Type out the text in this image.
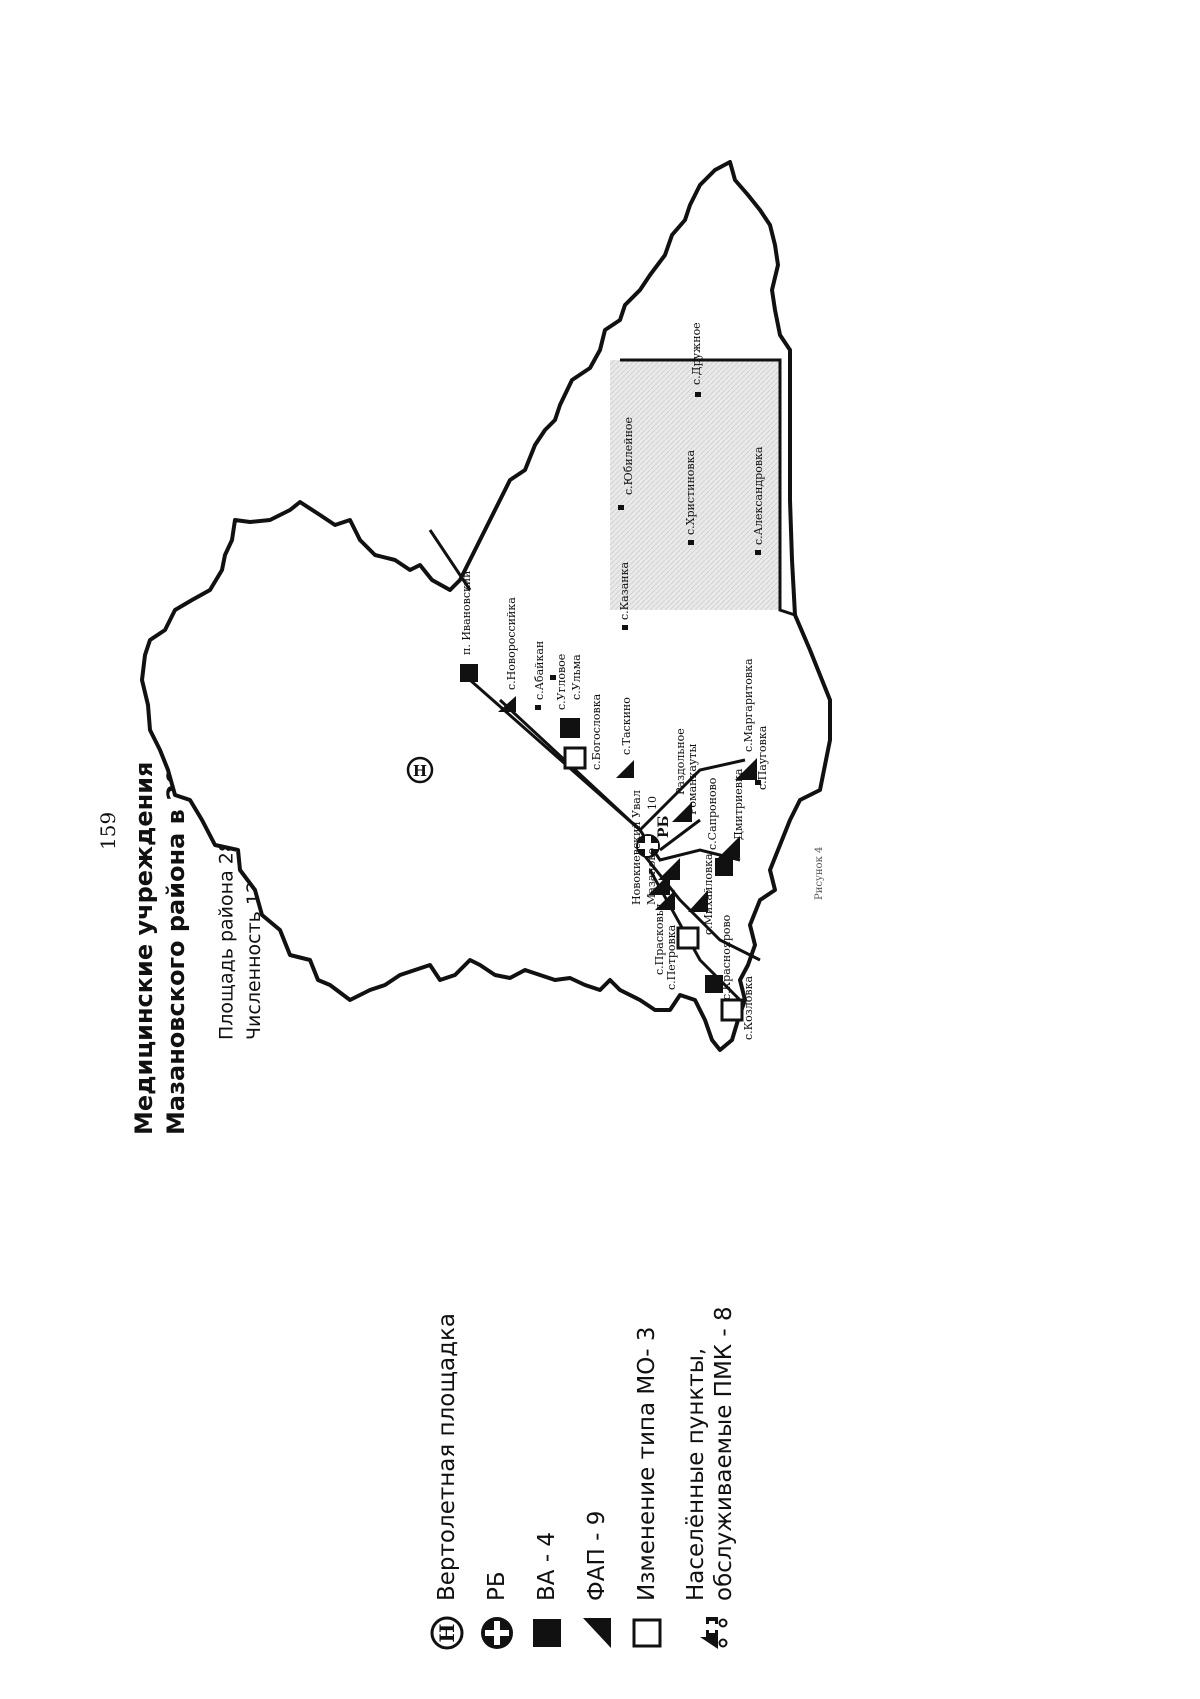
159 Медицинские учреждения Мазановского района в 2025 году	Площадь района 28 316 км Численность 12 019
H
Вертолетная площадка РБ ВА - 4 ФАП - 9 Изменение типа МО- 3 Населённые пункты, обслуживаемые ПМК - 8
H
п. Ивановский	с.Новороссийка с.Абайкан с.Угловое с.Ульма
с.Богословка с.Таскино
Раздольное Романкауты
с.Маргаритовка
с.Пауговка
Дмитриевка
с.Сапроново
с.Казанка
с.Юбилейное	с.Христиновка	с.Александровка
с.Дружное
Новокиевский Увал Мазаново
с.Прасковья с.Петровка
с.Михайловка
с.Красноярово
с.Козловка
10
РБ
Рисунок 4
